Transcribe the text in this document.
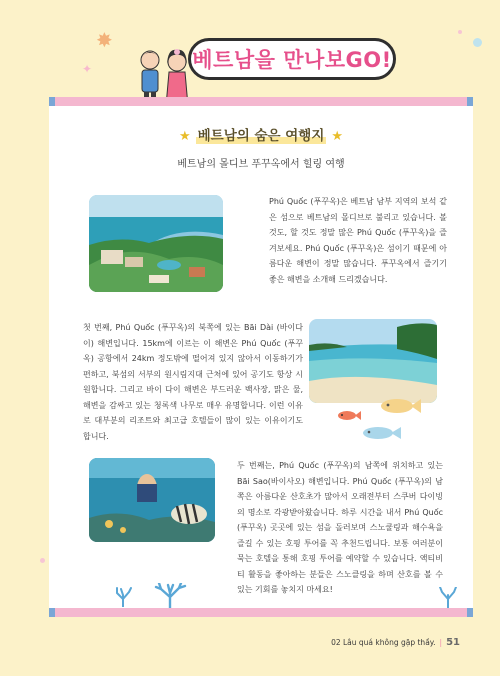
✸
✦	베트남을 만나보GO!
★ 베트남의 숨은 여행지 ★
베트남의 몰디브 푸꾸옥에서 힐링 여행
Phú Quốc (푸꾸옥)은 베트남 남부 지역의 보석 같은 섬으로 베트남의 몰디브로 불리고 있습니다. 볼 것도, 할 것도 정말 많은 Phú Quốc (푸꾸옥)을 즐겨보세요. Phú Quốc (푸꾸옥)은 섬이기 때문에 아름다운 해변이 정말 많습니다. 푸꾸옥에서 즐기기 좋은 해변을 소개해 드리겠습니다.
첫 번째, Phú Quốc (푸꾸옥)의 북쪽에 있는 Bãi Dài (바이다이) 해변입니다. 15km에 이르는 이 해변은 Phú Quốc (푸꾸옥) 공항에서 24km 정도밖에 떨어져 있지 않아서 이동하기가 편하고, 북섬의 서부의 원시림지대 근처에 있어 공기도 항상 시원합니다. 그리고 바이 다이 해변은 부드러운 백사장, 맑은 물, 해변을 감싸고 있는 청록색 나무로 매우 유명합니다. 이런 이유로 대부분의 리조트와 최고급 호텔들이 많이 있는 이유이기도 합니다.
두 번째는, Phú Quốc (푸꾸옥)의 남쪽에 위치하고 있는 Bãi Sao(바이사오) 해변입니다. Phú Quốc (푸꾸옥)의 남쪽은 아름다운 산호초가 많아서 오래전부터 스쿠버 다이빙의 명소로 각광받아왔습니다. 하루 시간을 내서 Phú Quốc (푸꾸옥) 곳곳에 있는 섬을 돌러보며 스노쿨링과 해수욕을 즐길 수 있는 호핑 투어를 꼭 추천드립니다. 보통 여러분이 묵는 호텔을 통해 호핑 투어를 예약할 수 있습니다. 액티비티 활동을 좋아하는 분들은 스노클링을 하며 산호를 볼 수 있는 기회를 놓치지 마세요!
02 Lâu quá không gặp thầy. | 51
